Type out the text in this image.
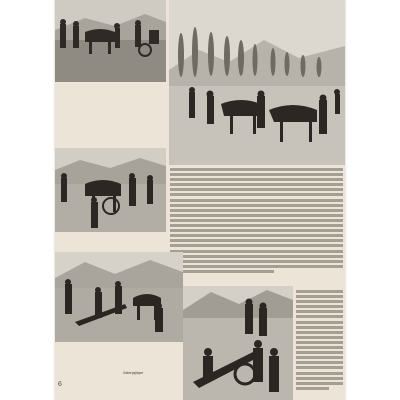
Gebirgsjäger
6
